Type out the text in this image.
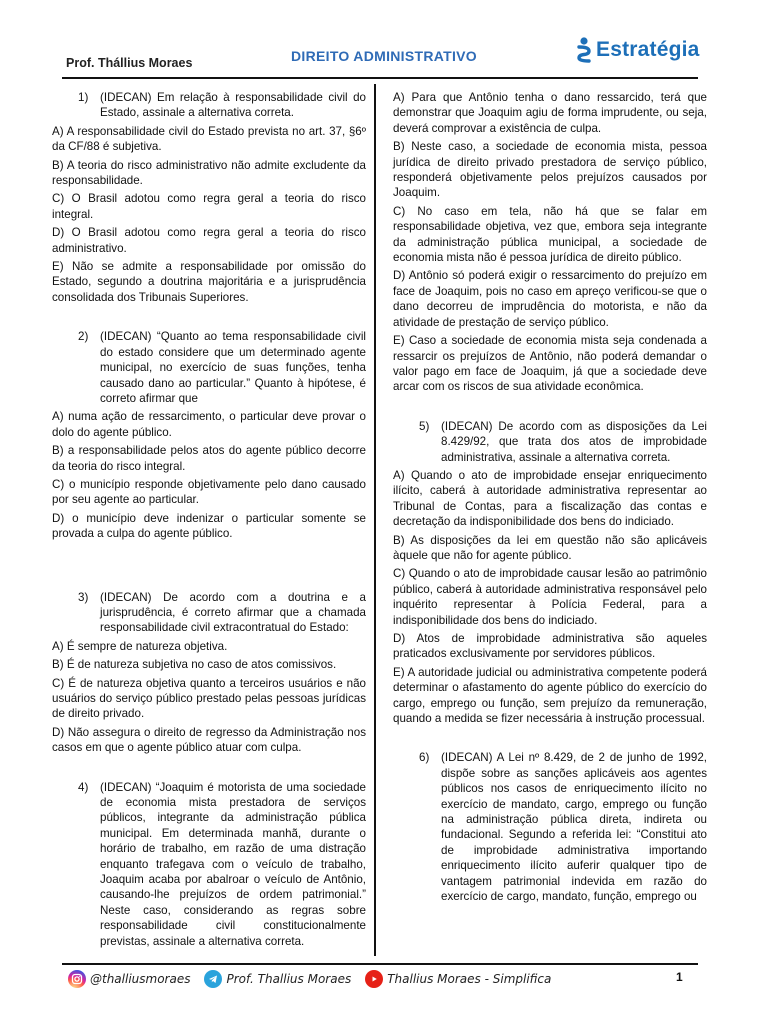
Prof. Thállius Moraes	DIREITO ADMINISTRATIVO	Estratégia
1)	(IDECAN) Em relação à responsabilidade civil do Estado, assinale a alternativa correta.
A) A responsabilidade civil do Estado prevista no art. 37, §6º da CF/88 é subjetiva.
B) A teoria do risco administrativo não admite excludente da responsabilidade.
C) O Brasil adotou como regra geral a teoria do risco integral.
D) O Brasil adotou como regra geral a teoria do risco administrativo.
E) Não se admite a responsabilidade por omissão do Estado, segundo a doutrina majoritária e a jurisprudência consolidada dos Tribunais Superiores.
2)	(IDECAN) “Quanto ao tema responsabilidade civil do estado considere que um determinado agente municipal, no exercício de suas funções, tenha causado dano ao particular.” Quanto à hipótese, é correto afirmar que
A) numa ação de ressarcimento, o particular deve provar o dolo do agente público.
B) a responsabilidade pelos atos do agente público decorre da teoria do risco integral.
C) o município responde objetivamente pelo dano causado por seu agente ao particular.
D) o município deve indenizar o particular somente se provada a culpa do agente público.
3)	(IDECAN) De acordo com a doutrina e a jurisprudência, é correto afirmar que a chamada responsabilidade civil extracontratual do Estado:
A) É sempre de natureza objetiva.
B) É de natureza subjetiva no caso de atos comissivos.
C) É de natureza objetiva quanto a terceiros usuários e não usuários do serviço público prestado pelas pessoas jurídicas de direito privado.
D) Não assegura o direito de regresso da Administração nos casos em que o agente público atuar com culpa.
4)	(IDECAN) “Joaquim é motorista de uma sociedade de economia mista prestadora de serviços públicos, integrante da administração pública municipal. Em determinada manhã, durante o horário de trabalho, em razão de uma distração enquanto trafegava com o veículo de trabalho, Joaquim acaba por abalroar o veículo de Antônio, causando-lhe prejuízos de ordem patrimonial.” Neste caso, considerando as regras sobre responsabilidade civil constitucionalmente previstas, assinale a alternativa correta.
A) Para que Antônio tenha o dano ressarcido, terá que demonstrar que Joaquim agiu de forma imprudente, ou seja, deverá comprovar a existência de culpa.
B) Neste caso, a sociedade de economia mista, pessoa jurídica de direito privado prestadora de serviço público, responderá objetivamente pelos prejuízos causados por Joaquim.
C) No caso em tela, não há que se falar em responsabilidade objetiva, vez que, embora seja integrante da administração pública municipal, a sociedade de economia mista não é pessoa jurídica de direito público.
D) Antônio só poderá exigir o ressarcimento do prejuízo em face de Joaquim, pois no caso em apreço verificou-se que o dano decorreu de imprudência do motorista, e não da atividade de prestação de serviço público.
E) Caso a sociedade de economia mista seja condenada a ressarcir os prejuízos de Antônio, não poderá demandar o valor pago em face de Joaquim, já que a sociedade deve arcar com os riscos de sua atividade econômica.
5)	(IDECAN) De acordo com as disposições da Lei 8.429/92, que trata dos atos de improbidade administrativa, assinale a alternativa correta.
A) Quando o ato de improbidade ensejar enriquecimento ilícito, caberá à autoridade administrativa representar ao Tribunal de Contas, para a fiscalização das contas e decretação da indisponibilidade dos bens do indiciado.
B) As disposições da lei em questão não são aplicáveis àquele que não for agente público.
C) Quando o ato de improbidade causar lesão ao patrimônio público, caberá à autoridade administrativa responsável pelo inquérito representar à Polícia Federal, para a indisponibilidade dos bens do indiciado.
D) Atos de improbidade administrativa são aqueles praticados exclusivamente por servidores públicos.
E) A autoridade judicial ou administrativa competente poderá determinar o afastamento do agente público do exercício do cargo, emprego ou função, sem prejuízo da remuneração, quando a medida se fizer necessária à instrução processual.
6)	(IDECAN) A Lei nº 8.429, de 2 de junho de 1992, dispõe sobre as sanções aplicáveis aos agentes públicos nos casos de enriquecimento ilícito no exercício de mandato, cargo, emprego ou função na administração pública direta, indireta ou fundacional. Segundo a referida lei: “Constitui ato de improbidade administrativa importando enriquecimento ilícito auferir qualquer tipo de vantagem patrimonial indevida em razão do exercício de cargo, mandato, função, emprego ou
@thalliusmoraes	Prof. Thallius Moraes	Thallius Moraes - Simplifica	1
